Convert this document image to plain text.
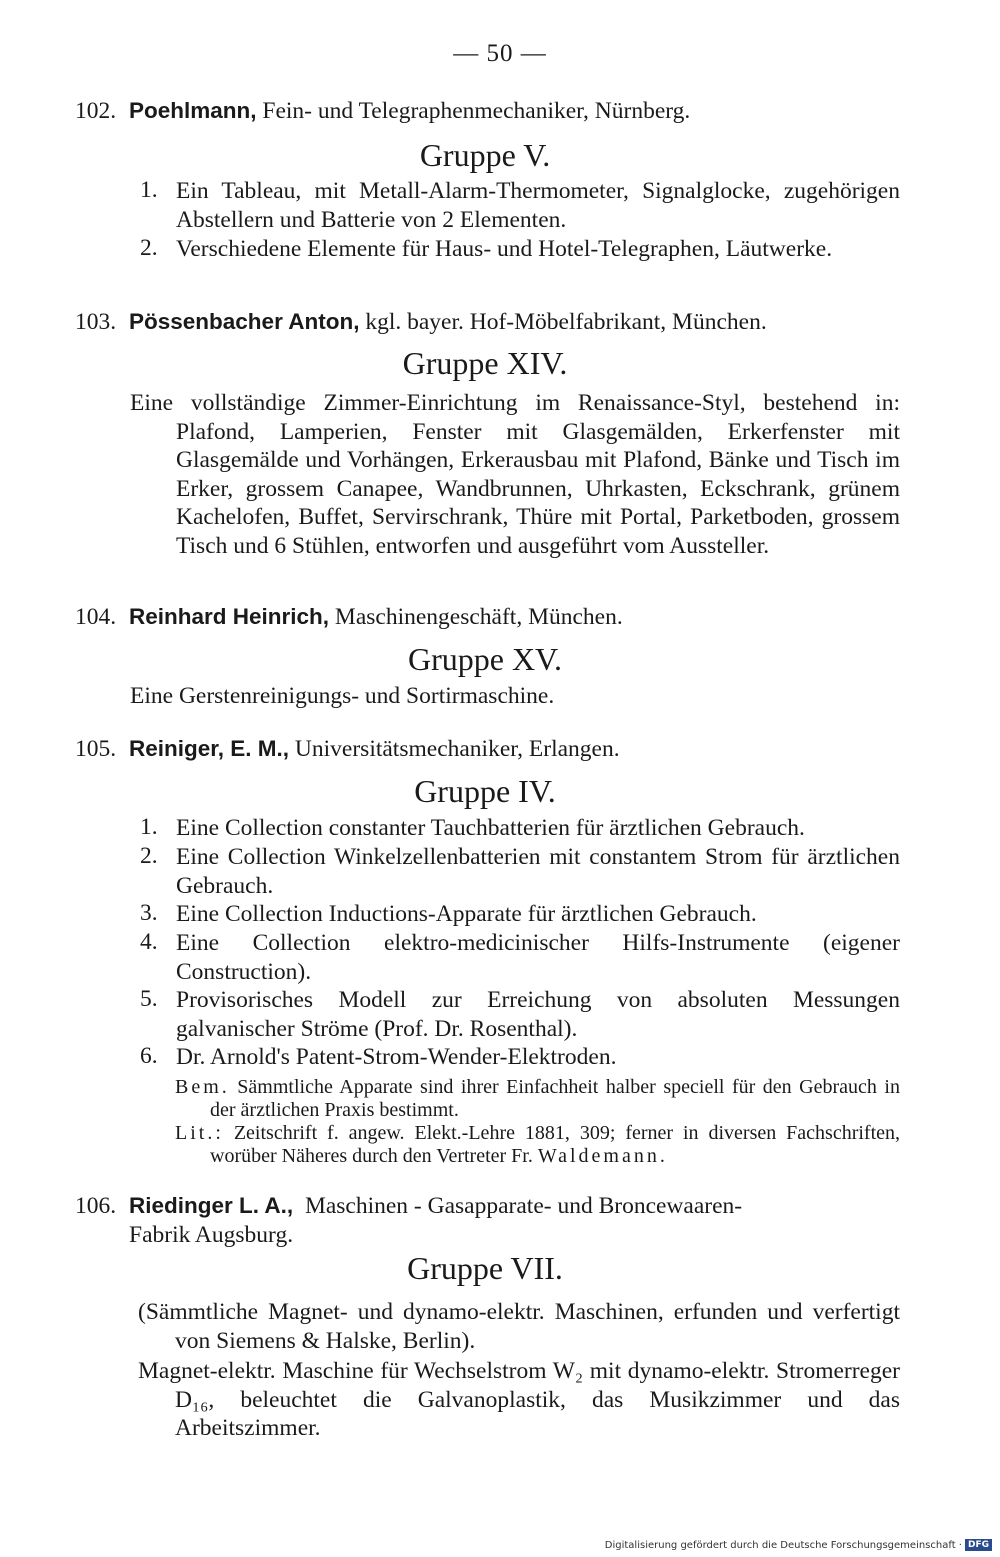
— 50 —
102. Poehlmann, Fein- und Telegraphenmechaniker, Nürnberg.
Gruppe V.
1. Ein Tableau, mit Metall-Alarm-Thermometer, Signalglocke, zugehörigen Abstellern und Batterie von 2 Elementen.
2. Verschiedene Elemente für Haus- und Hotel-Telegraphen, Läutwerke.
103. Pössenbacher Anton, kgl. bayer. Hof-Möbelfabrikant, München.
Gruppe XIV.
Eine vollständige Zimmer-Einrichtung im Renaissance-Styl, bestehend in: Plafond, Lamperien, Fenster mit Glasgemälden, Erkerfenster mit Glasgemälde und Vorhängen, Erkerausbau mit Plafond, Bänke und Tisch im Erker, grossem Canapee, Wandbrunnen, Uhrkasten, Eckschrank, grünem Kachelofen, Buffet, Servirschrank, Thüre mit Portal, Parketboden, grossem Tisch und 6 Stühlen, entworfen und ausgeführt vom Aussteller.
104. Reinhard Heinrich, Maschinengeschäft, München.
Gruppe XV.
Eine Gerstenreinigungs- und Sortirmaschine.
105. Reiniger, E. M., Universitätsmechaniker, Erlangen.
Gruppe IV.
1. Eine Collection constanter Tauchbatterien für ärztlichen Gebrauch.
2. Eine Collection Winkelzellenbatterien mit constantem Strom für ärztlichen Gebrauch.
3. Eine Collection Inductions-Apparate für ärztlichen Gebrauch.
4. Eine Collection elektro-medicinischer Hilfs-Instrumente (eigener Construction).
5. Provisorisches Modell zur Erreichung von absoluten Messungen galvanischer Ströme (Prof. Dr. Rosenthal).
6. Dr. Arnold's Patent-Strom-Wender-Elektroden.
Bem. Sämmtliche Apparate sind ihrer Einfachheit halber speciell für den Gebrauch in der ärztlichen Praxis bestimmt.
Lit.: Zeitschrift f. angew. Elekt.-Lehre 1881, 309; ferner in diversen Fachschriften, worüber Näheres durch den Vertreter Fr. Waldemann.
106. Riedinger L. A., Maschinen - Gasapparate- und Broncewaaren-
Fabrik Augsburg.
Gruppe VII.
(Sämmtliche Magnet- und dynamo-elektr. Maschinen, erfunden und verfertigt von Siemens & Halske, Berlin).
Magnet-elektr. Maschine für Wechselstrom W₂ mit dynamo-elektr. Stromerreger D₁₆, beleuchtet die Galvanoplastik, das Musikzimmer und das Arbeitszimmer.
Digitalisierung gefördert durch die Deutsche Forschungsgemeinschaft · DFG
